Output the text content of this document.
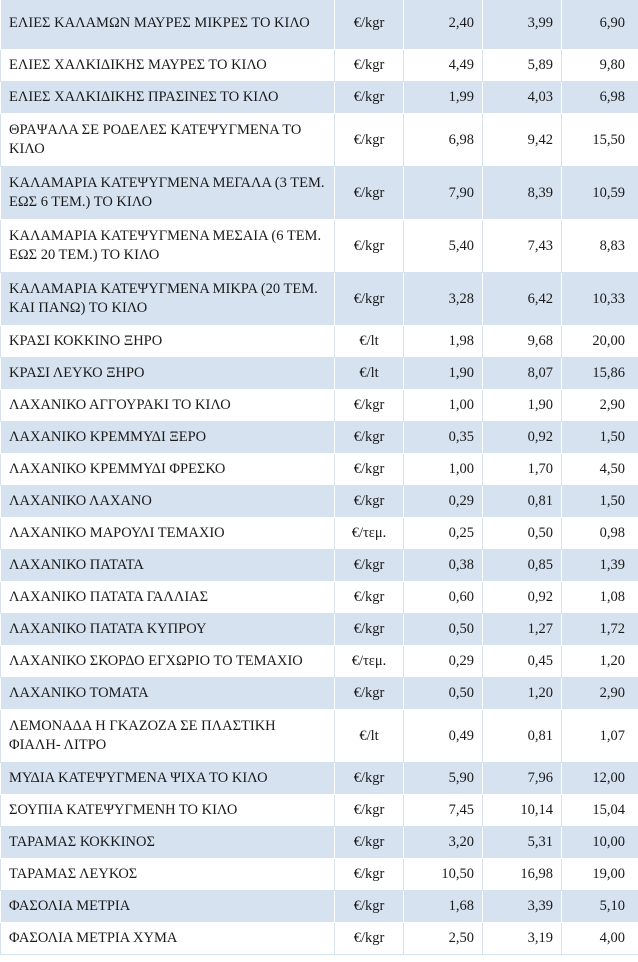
ΕΛΙΕΣ ΚΑΛΑΜΩΝ ΜΑΥΡΕΣ ΜΙΚΡΕΣ ΤΟ ΚΙΛΟ	€/kgr	2,40	3,99	6,90
ΕΛΙΕΣ ΧΑΛΚΙΔΙΚΗΣ ΜΑΥΡΕΣ ΤΟ ΚΙΛΟ	€/kgr	4,49	5,89	9,80
ΕΛΙΕΣ ΧΑΛΚΙΔΙΚΗΣ ΠΡΑΣΙΝΕΣ ΤΟ ΚΙΛΟ	€/kgr	1,99	4,03	6,98
ΘΡΑΨΑΛΑ ΣΕ ΡΟΔΕΛΕΣ ΚΑΤΕΨΥΓΜΕΝΑ ΤΟ ΚΙΛΟ	€/kgr	6,98	9,42	15,50
ΚΑΛΑΜΑΡΙΑ ΚΑΤΕΨΥΓΜΕΝΑ ΜΕΓΑΛΑ (3 ΤΕΜ. ΕΩΣ 6 ΤΕΜ.) ΤΟ ΚΙΛΟ	€/kgr	7,90	8,39	10,59
ΚΑΛΑΜΑΡΙΑ ΚΑΤΕΨΥΓΜΕΝΑ ΜΕΣΑΙΑ (6 ΤΕΜ. ΕΩΣ 20 ΤΕΜ.) ΤΟ ΚΙΛΟ	€/kgr	5,40	7,43	8,83
ΚΑΛΑΜΑΡΙΑ ΚΑΤΕΨΥΓΜΕΝΑ ΜΙΚΡΑ (20 ΤΕΜ. ΚΑΙ ΠΑΝΩ) ΤΟ ΚΙΛΟ	€/kgr	3,28	6,42	10,33
ΚΡΑΣΙ ΚΟΚΚΙΝΟ ΞΗΡΟ	€/lt	1,98	9,68	20,00
ΚΡΑΣΙ ΛΕΥΚΟ ΞΗΡΟ	€/lt	1,90	8,07	15,86
ΛΑΧΑΝΙΚΟ ΑΓΓΟΥΡΑΚΙ ΤΟ ΚΙΛΟ	€/kgr	1,00	1,90	2,90
ΛΑΧΑΝΙΚΟ ΚΡΕΜΜΥΔΙ ΞΕΡΟ	€/kgr	0,35	0,92	1,50
ΛΑΧΑΝΙΚΟ ΚΡΕΜΜΥΔΙ ΦΡΕΣΚΟ	€/kgr	1,00	1,70	4,50
ΛΑΧΑΝΙΚΟ ΛΑΧΑΝΟ	€/kgr	0,29	0,81	1,50
ΛΑΧΑΝΙΚΟ ΜΑΡΟΥΛΙ ΤΕΜΑΧΙΟ	€/τεμ.	0,25	0,50	0,98
ΛΑΧΑΝΙΚΟ ΠΑΤΑΤΑ	€/kgr	0,38	0,85	1,39
ΛΑΧΑΝΙΚΟ ΠΑΤΑΤΑ ΓΑΛΛΙΑΣ	€/kgr	0,60	0,92	1,08
ΛΑΧΑΝΙΚΟ ΠΑΤΑΤΑ ΚΥΠΡΟΥ	€/kgr	0,50	1,27	1,72
ΛΑΧΑΝΙΚΟ ΣΚΟΡΔΟ ΕΓΧΩΡΙΟ ΤΟ ΤΕΜΑΧΙΟ	€/τεμ.	0,29	0,45	1,20
ΛΑΧΑΝΙΚΟ ΤΟΜΑΤΑ	€/kgr	0,50	1,20	2,90
ΛΕΜΟΝΑΔΑ Η ΓΚΑΖΟΖΑ ΣΕ ΠΛΑΣΤΙΚΗ ΦΙΑΛΗ- ΛΙΤΡΟ	€/lt	0,49	0,81	1,07
ΜΥΔΙΑ ΚΑΤΕΨΥΓΜΕΝΑ ΨΙΧΑ ΤΟ ΚΙΛΟ	€/kgr	5,90	7,96	12,00
ΣΟΥΠΙΑ ΚΑΤΕΨΥΓΜΕΝΗ ΤΟ ΚΙΛΟ	€/kgr	7,45	10,14	15,04
ΤΑΡΑΜΑΣ ΚΟΚΚΙΝΟΣ	€/kgr	3,20	5,31	10,00
ΤΑΡΑΜΑΣ ΛΕΥΚΟΣ	€/kgr	10,50	16,98	19,00
ΦΑΣΟΛΙΑ ΜΕΤΡΙΑ	€/kgr	1,68	3,39	5,10
ΦΑΣΟΛΙΑ ΜΕΤΡΙΑ ΧΥΜΑ	€/kgr	2,50	3,19	4,00
